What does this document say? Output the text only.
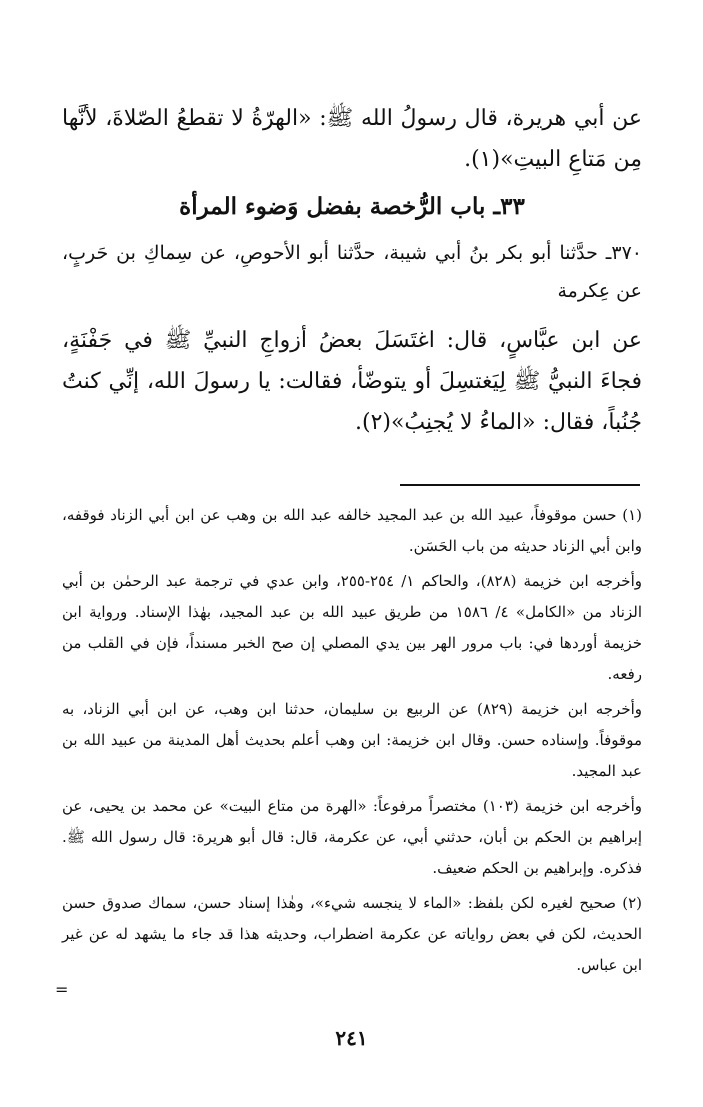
عن أبي هريرة، قال رسولُ الله ﷺ: «الهرّةُ لا تقطعُ الصّلاةَ، لأنَّها مِن مَتاعِ البيتِ»(١).

٣٣ـ باب الرُّخصة بفضل وَضوء المرأة

٣٧٠ـ حدَّثنا أبو بكر بنُ أبي شيبة، حدَّثنا أبو الأحوصِ، عن سِماكِ بن حَربٍ، عن عِكرمة

عن ابن عبَّاسٍ، قال: اغتَسَلَ بعضُ أزواجِ النبيِّ ﷺ في جَفْنَةٍ، فجاءَ النبيُّ ﷺ لِيَغتسِلَ أو يتوضّأ، فقالت: يا رسولَ الله، إنِّي كنتُ جُنُباً، فقال: «الماءُ لا يُجنِبُ»(٢).

(١) حسن موقوفاً، عبيد الله بن عبد المجيد خالفه عبد الله بن وهب عن ابن أبي الزناد فوقفه، وابن أبي الزناد حديثه من باب الحَسَن.

وأخرجه ابن خزيمة (٨٢٨)، والحاكم ١/ ٢٥٤-٢٥٥، وابن عدي في ترجمة عبد الرحمٰن بن أبي الزناد من «الكامل» ٤/ ١٥٨٦ من طريق عبيد الله بن عبد المجيد، بهٰذا الإسناد. ورواية ابن خزيمة أوردها في: باب مرور الهر بين يدي المصلي إن صح الخبر مسنداً، فإن في القلب من رفعه.

وأخرجه ابن خزيمة (٨٢٩) عن الربيع بن سليمان، حدثنا ابن وهب، عن ابن أبي الزناد، به موقوفاً. وإسناده حسن. وقال ابن خزيمة: ابن وهب أعلم بحديث أهل المدينة من عبيد الله بن عبد المجيد.

وأخرجه ابن خزيمة (١٠٣) مختصراً مرفوعاً: «الهرة من متاع البيت» عن محمد بن يحيى، عن إبراهيم بن الحكم بن أبان، حدثني أبي، عن عكرمة، قال: قال أبو هريرة: قال رسول الله ﷺ. فذكره. وإبراهيم بن الحكم ضعيف.

(٢) صحيح لغيره لكن بلفظ: «الماء لا ينجسه شيء»، وهٰذا إسناد حسن، سماك صدوق حسن الحديث، لكن في بعض رواياته عن عكرمة اضطراب، وحديثه هذا قد جاء ما يشهد له عن غير ابن عباس.

=
٢٤١
